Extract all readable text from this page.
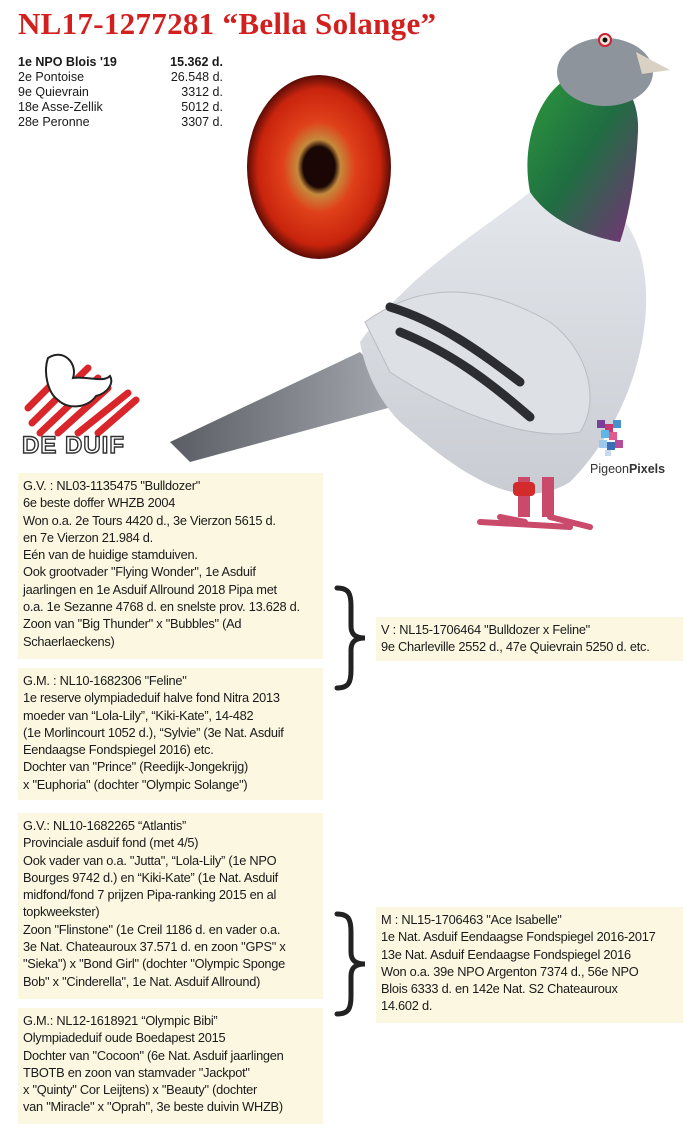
NL17-1277281 “Bella Solange”
1e NPO Blois '19	15.362 d.
2e Pontoise	26.548 d.
9e Quievrain	3312 d.
18e Asse-Zellik	5012 d.
28e Peronne	3307 d.
DE DUIF
PigeonPixels
G.V. : NL03-1135475 "Bulldozer"
6e beste doffer WHZB 2004
Won o.a. 2e Tours 4420 d., 3e Vierzon 5615 d.
en 7e Vierzon 21.984 d.
Eén van de huidige stamduiven.
Ook grootvader "Flying Wonder", 1e Asduif
jaarlingen en 1e Asduif Allround 2018 Pipa met
o.a. 1e Sezanne 4768 d. en snelste prov. 13.628 d.
Zoon van "Big Thunder" x "Bubbles" (Ad
Schaerlaeckens)
G.M. : NL10-1682306 "Feline"
1e reserve olympiadeduif halve fond Nitra 2013
moeder van “Lola-Lily”, “Kiki-Kate”, 14-482
(1e Morlincourt 1052 d.), “Sylvie” (3e Nat. Asduif
Eendaagse Fondspiegel 2016) etc.
Dochter van "Prince" (Reedijk-Jongekrijg)
x "Euphoria" (dochter "Olympic Solange")
V : NL15-1706464 "Bulldozer x Feline"
9e Charleville 2552 d., 47e Quievrain 5250 d. etc.
G.V.: NL10-1682265 “Atlantis”
Provinciale asduif fond (met 4/5)
Ook vader van o.a. "Jutta", “Lola-Lily” (1e NPO
Bourges 9742 d.) en “Kiki-Kate” (1e Nat. Asduif
midfond/fond 7 prijzen Pipa-ranking 2015 en al
topkweekster)
Zoon "Flinstone" (1e Creil 1186 d. en vader o.a.
3e Nat. Chateauroux 37.571 d. en zoon "GPS" x
"Sieka") x "Bond Girl" (dochter "Olympic Sponge
Bob" x "Cinderella", 1e Nat. Asduif Allround)
G.M.: NL12-1618921 “Olympic Bibi”
Olympiadeduif oude Boedapest 2015
Dochter van "Cocoon" (6e Nat. Asduif jaarlingen
TBOTB en zoon van stamvader "Jackpot"
x "Quinty" Cor Leijtens) x "Beauty" (dochter
van "Miracle" x "Oprah", 3e beste duivin WHZB)
M : NL15-1706463 "Ace Isabelle"
1e Nat. Asduif Eendaagse Fondspiegel 2016-2017
13e Nat. Asduif Eendaagse Fondspiegel 2016
Won o.a. 39e NPO Argenton 7374 d., 56e NPO
Blois 6333 d. en 142e Nat. S2 Chateauroux
14.602 d.
